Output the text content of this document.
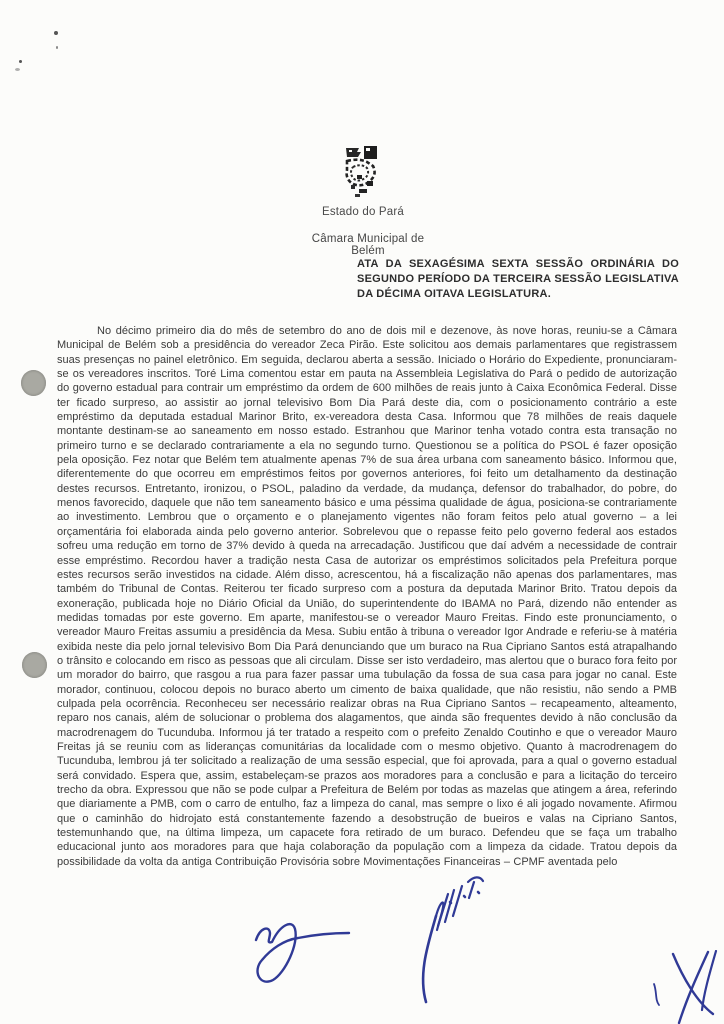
Estado do Pará
Câmara Municipal de Belém
ATA DA SEXAGÉSIMA SEXTA SESSÃO ORDINÁRIA DO SEGUNDO PERÍODO DA TERCEIRA SESSÃO LEGISLATIVA DA DÉCIMA OITAVA LEGISLATURA.

No décimo primeiro dia do mês de setembro do ano de dois mil e dezenove, às nove horas, reuniu-se a Câmara Municipal de Belém sob a presidência do vereador Zeca Pirão. Este solicitou aos demais parlamentares que registrassem suas presenças no painel eletrônico. Em seguida, declarou aberta a sessão. Iniciado o Horário do Expediente, pronunciaram-se os vereadores inscritos. Toré Lima comentou estar em pauta na Assembleia Legislativa do Pará o pedido de autorização do governo estadual para contrair um empréstimo da ordem de 600 milhões de reais junto à Caixa Econômica Federal. Disse ter ficado surpreso, ao assistir ao jornal televisivo Bom Dia Pará deste dia, com o posicionamento contrário a este empréstimo da deputada estadual Marinor Brito, ex-vereadora desta Casa. Informou que 78 milhões de reais daquele montante destinam-se ao saneamento em nosso estado. Estranhou que Marinor tenha votado contra esta transação no primeiro turno e se declarado contrariamente a ela no segundo turno. Questionou se a política do PSOL é fazer oposição pela oposição. Fez notar que Belém tem atualmente apenas 7% de sua área urbana com saneamento básico. Informou que, diferentemente do que ocorreu em empréstimos feitos por governos anteriores, foi feito um detalhamento da destinação destes recursos. Entretanto, ironizou, o PSOL, paladino da verdade, da mudança, defensor do trabalhador, do pobre, do menos favorecido, daquele que não tem saneamento básico e uma péssima qualidade de água, posiciona-se contrariamente ao investimento. Lembrou que o orçamento e o planejamento vigentes não foram feitos pelo atual governo – a lei orçamentária foi elaborada ainda pelo governo anterior. Sobrelevou que o repasse feito pelo governo federal aos estados sofreu uma redução em torno de 37% devido à queda na arrecadação. Justificou que daí advém a necessidade de contrair esse empréstimo. Recordou haver a tradição nesta Casa de autorizar os empréstimos solicitados pela Prefeitura porque estes recursos serão investidos na cidade. Além disso, acrescentou, há a fiscalização não apenas dos parlamentares, mas também do Tribunal de Contas. Reiterou ter ficado surpreso com a postura da deputada Marinor Brito. Tratou depois da exoneração, publicada hoje no Diário Oficial da União, do superintendente do IBAMA no Pará, dizendo não entender as medidas tomadas por este governo. Em aparte, manifestou-se o vereador Mauro Freitas. Findo este pronunciamento, o vereador Mauro Freitas assumiu a presidência da Mesa. Subiu então à tribuna o vereador Igor Andrade e referiu-se à matéria exibida neste dia pelo jornal televisivo Bom Dia Pará denunciando que um buraco na Rua Cipriano Santos está atrapalhando o trânsito e colocando em risco as pessoas que ali circulam. Disse ser isto verdadeiro, mas alertou que o buraco fora feito por um morador do bairro, que rasgou a rua para fazer passar uma tubulação da fossa de sua casa para jogar no canal. Este morador, continuou, colocou depois no buraco aberto um cimento de baixa qualidade, que não resistiu, não sendo a PMB culpada pela ocorrência. Reconheceu ser necessário realizar obras na Rua Cipriano Santos – recapeamento, alteamento, reparo nos canais, além de solucionar o problema dos alagamentos, que ainda são frequentes devido à não conclusão da macrodrenagem do Tucunduba. Informou já ter tratado a respeito com o prefeito Zenaldo Coutinho e que o vereador Mauro Freitas já se reuniu com as lideranças comunitárias da localidade com o mesmo objetivo. Quanto à macrodrenagem do Tucunduba, lembrou já ter solicitado a realização de uma sessão especial, que foi aprovada, para a qual o governo estadual será convidado. Espera que, assim, estabeleçam-se prazos aos moradores para a conclusão e para a licitação do terceiro trecho da obra. Expressou que não se pode culpar a Prefeitura de Belém por todas as mazelas que atingem a área, referindo que diariamente a PMB, com o carro de entulho, faz a limpeza do canal, mas sempre o lixo é ali jogado novamente. Afirmou que o caminhão do hidrojato está constantemente fazendo a desobstrução de bueiros e valas na Cipriano Santos, testemunhando que, na última limpeza, um capacete fora retirado de um buraco. Defendeu que se faça um trabalho educacional junto aos moradores para que haja colaboração da população com a limpeza da cidade. Tratou depois da possibilidade da volta da antiga Contribuição Provisória sobre Movimentações Financeiras – CPMF aventada pelo
